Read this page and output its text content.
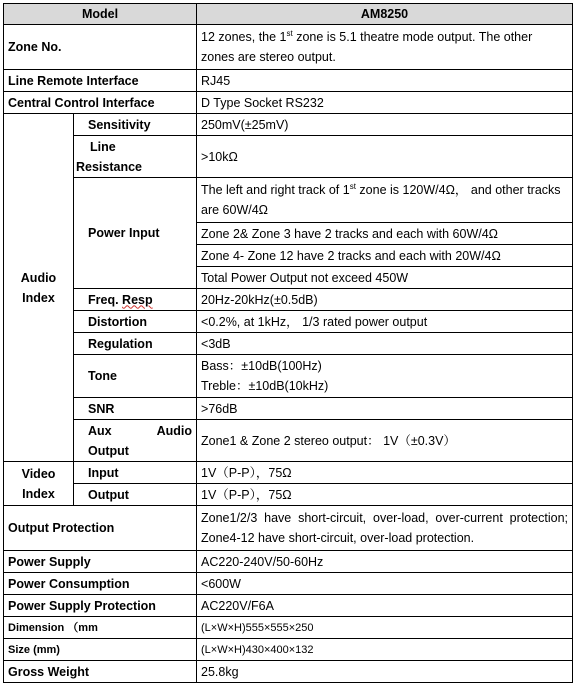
Model		AM8250
Zone No.		12 zones, the 1st zone is 5.1 theatre mode output. The other zones are stereo output.
Line Remote Interface		RJ45
Central Control Interface		D Type Socket RS232
Audio Index	Sensitivity	250mV(±25mV)

	Line Resistance	>10kΩ
	Power Input	The left and right track of 1st zone is 120W/4Ω， and other tracks are 60W/4Ω
		Zone 2& Zone 3 have 2 tracks and each with 60W/4Ω
		Zone 4- Zone 12 have 2 tracks and each with 20W/4Ω
		Total Power Output not exceed 450W
	Freq. Resp	20Hz-20kHz(±0.5dB)
	Distortion	<0.2%, at 1kHz， 1/3 rated power output
	Regulation	<3dB
	Tone	Bass：±10dB(100Hz)
Treble：±10dB(10kHz)

	SNR	>76dB

	Aux Audio Output	Zone1 & Zone 2 stereo output： 1V（±0.3V）
Video Index	Input	1V（P-P），75Ω
	Output	1V（P-P），75Ω
Output Protection		Zone1/2/3 have short-circuit, over-load, over-current protection; Zone4-12 have short-circuit, over-load protection.
Power Supply		AC220-240V/50-60Hz
Power Consumption		<600W
Power Supply Protection		AC220V/F6A
Dimension （mm		(L×W×H)555×555×250
Size (mm)		(L×W×H)430×400×132
Gross Weight		25.8kg
